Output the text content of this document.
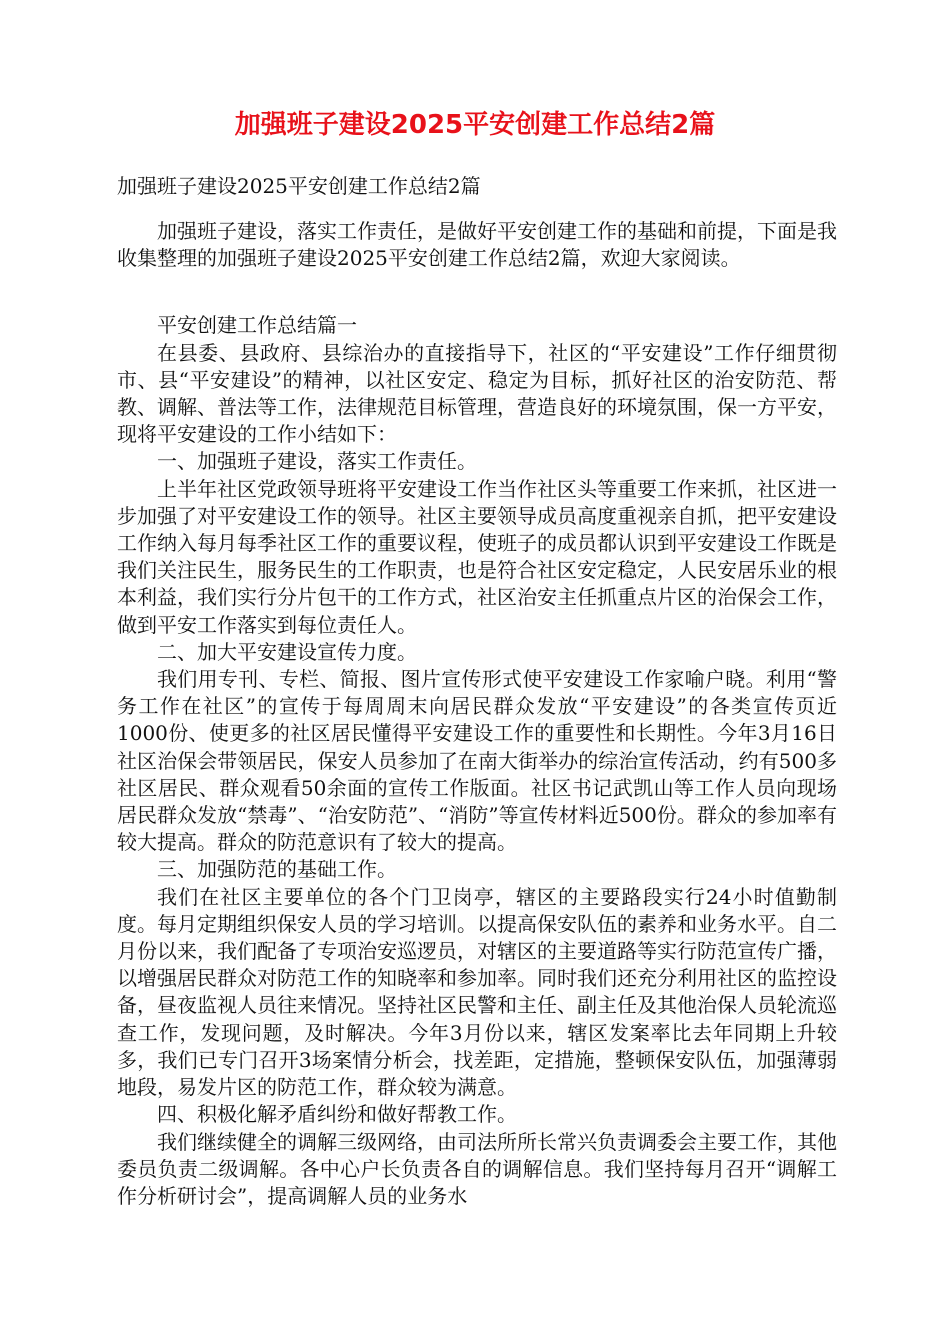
加强班子建设2025平安创建工作总结2篇
加强班子建设2025平安创建工作总结2篇

加强班子建设，落实工作责任，是做好平安创建工作的基础和前提，下面是我收集整理的加强班子建设2025平安创建工作总结2篇，欢迎大家阅读。

平安创建工作总结篇一

在县委、县政府、县综治办的直接指导下，社区的“平安建设”工作仔细贯彻市、县“平安建设”的精神，以社区安定、稳定为目标，抓好社区的治安防范、帮教、调解、普法等工作，法律规范目标管理，营造良好的环境氛围，保一方平安，现将平安建设的工作小结如下：

一、加强班子建设，落实工作责任。

上半年社区党政领导班将平安建设工作当作社区头等重要工作来抓，社区进一步加强了对平安建设工作的领导。社区主要领导成员高度重视亲自抓，把平安建设工作纳入每月每季社区工作的重要议程，使班子的成员都认识到平安建设工作既是我们关注民生，服务民生的工作职责，也是符合社区安定稳定，人民安居乐业的根本利益，我们实行分片包干的工作方式，社区治安主任抓重点片区的治保会工作，做到平安工作落实到每位责任人。

二、加大平安建设宣传力度。

我们用专刊、专栏、简报、图片宣传形式使平安建设工作家喻户晓。利用“警务工作在社区”的宣传于每周周末向居民群众发放“平安建设”的各类宣传页近1000份、使更多的社区居民懂得平安建设工作的重要性和长期性。今年3月16日社区治保会带领居民，保安人员参加了在南大街举办的综治宣传活动，约有500多社区居民、群众观看50余面的宣传工作版面。社区书记武凯山等工作人员向现场居民群众发放“禁毒”、“治安防范”、“消防”等宣传材料近500份。群众的参加率有较大提高。群众的防范意识有了较大的提高。

三、加强防范的基础工作。

我们在社区主要单位的各个门卫岗亭，辖区的主要路段实行24小时值勤制度。每月定期组织保安人员的学习培训。以提高保安队伍的素养和业务水平。自二月份以来，我们配备了专项治安巡逻员，对辖区的主要道路等实行防范宣传广播，以增强居民群众对防范工作的知晓率和参加率。同时我们还充分利用社区的监控设备，昼夜监视人员往来情况。坚持社区民警和主任、副主任及其他治保人员轮流巡查工作，发现问题，及时解决。今年3月份以来，辖区发案率比去年同期上升较多，我们已专门召开3场案情分析会，找差距，定措施，整顿保安队伍，加强薄弱地段，易发片区的防范工作，群众较为满意。

四、积极化解矛盾纠纷和做好帮教工作。

我们继续健全的调解三级网络，由司法所所长常兴负责调委会主要工作，其他委员负责二级调解。各中心户长负责各自的调解信息。我们坚持每月召开“调解工作分析研讨会”，提高调解人员的业务水
